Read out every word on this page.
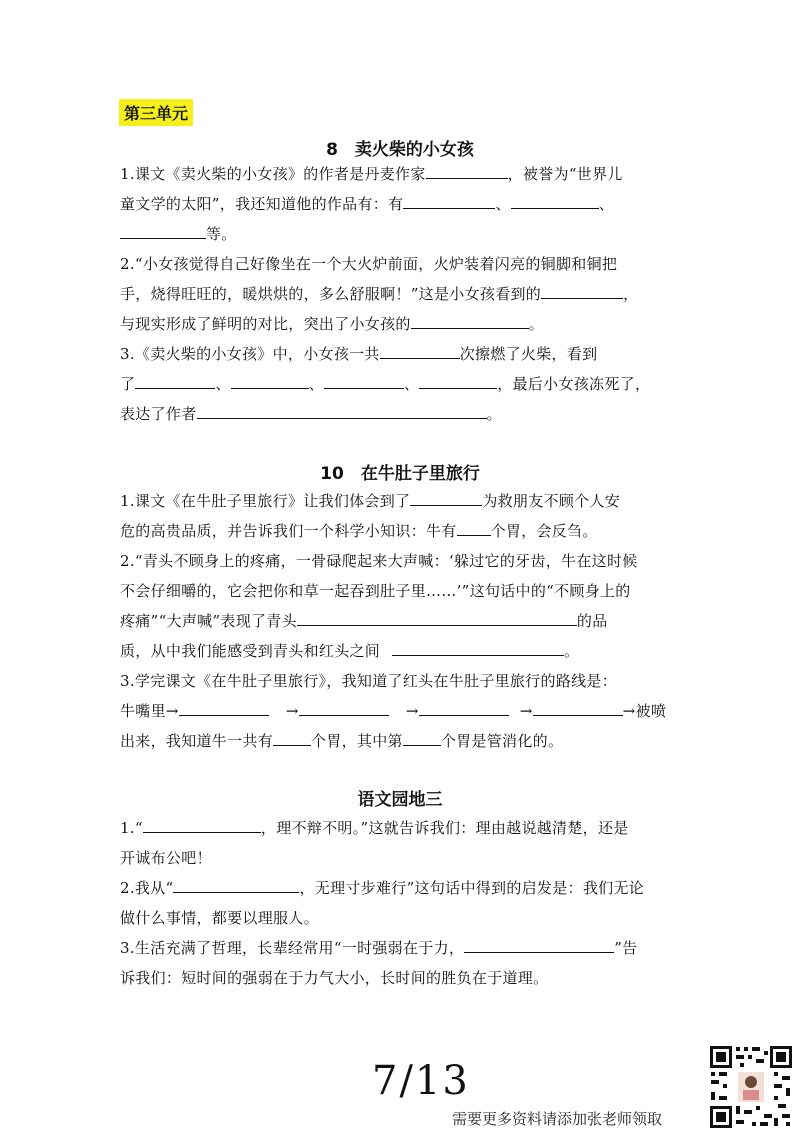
第三单元
8　卖火柴的小女孩
1.课文《卖火柴的小女孩》的作者是丹麦作家	，被誉为“世界儿
童文学的太阳”，我还知道他的作品有：有	、	、
等。
2.“小女孩觉得自己好像坐在一个大火炉前面，火炉装着闪亮的铜脚和铜把
手，烧得旺旺的，暖烘烘的，多么舒服啊！”这是小女孩看到的	，
与现实形成了鲜明的对比，突出了小女孩的	。
3.《卖火柴的小女孩》中，小女孩一共	次擦燃了火柴，看到
了	、	、	、	，最后小女孩冻死了，
表达了作者	。
10　在牛肚子里旅行
1.课文《在牛肚子里旅行》让我们体会到了	为救朋友不顾个人安
危的高贵品质，并告诉我们一个科学小知识：牛有 个胃，会反刍。
2.“青头不顾身上的疼痛，一骨碌爬起来大声喊：‘躲过它的牙齿，牛在这时候
不会仔细嚼的，它会把你和草一起吞到肚子里……’”这句话中的“不顾身上的
疼痛”“大声喊”表现了青头	的品
质，从中我们能感受到青头和红头之间	。
3.学完课文《在牛肚子里旅行》，我知道了红头在牛肚子里旅行的路线是：
牛嘴里→	→	→	→	→被喷
出来，我知道牛一共有	个胃，其中第	个胃是管消化的。
语文园地三
1.“	，理不辩不明。”这就告诉我们：理由越说越清楚，还是
开诚布公吧！
2.我从“	，无理寸步难行”这句话中得到的启发是：我们无论
做什么事情，都要以理服人。
3.生活充满了哲理，长辈经常用“一时强弱在于力，	”告
诉我们：短时间的强弱在于力气大小，长时间的胜负在于道理。
7/13
需要更多资料请添加张老师领取
